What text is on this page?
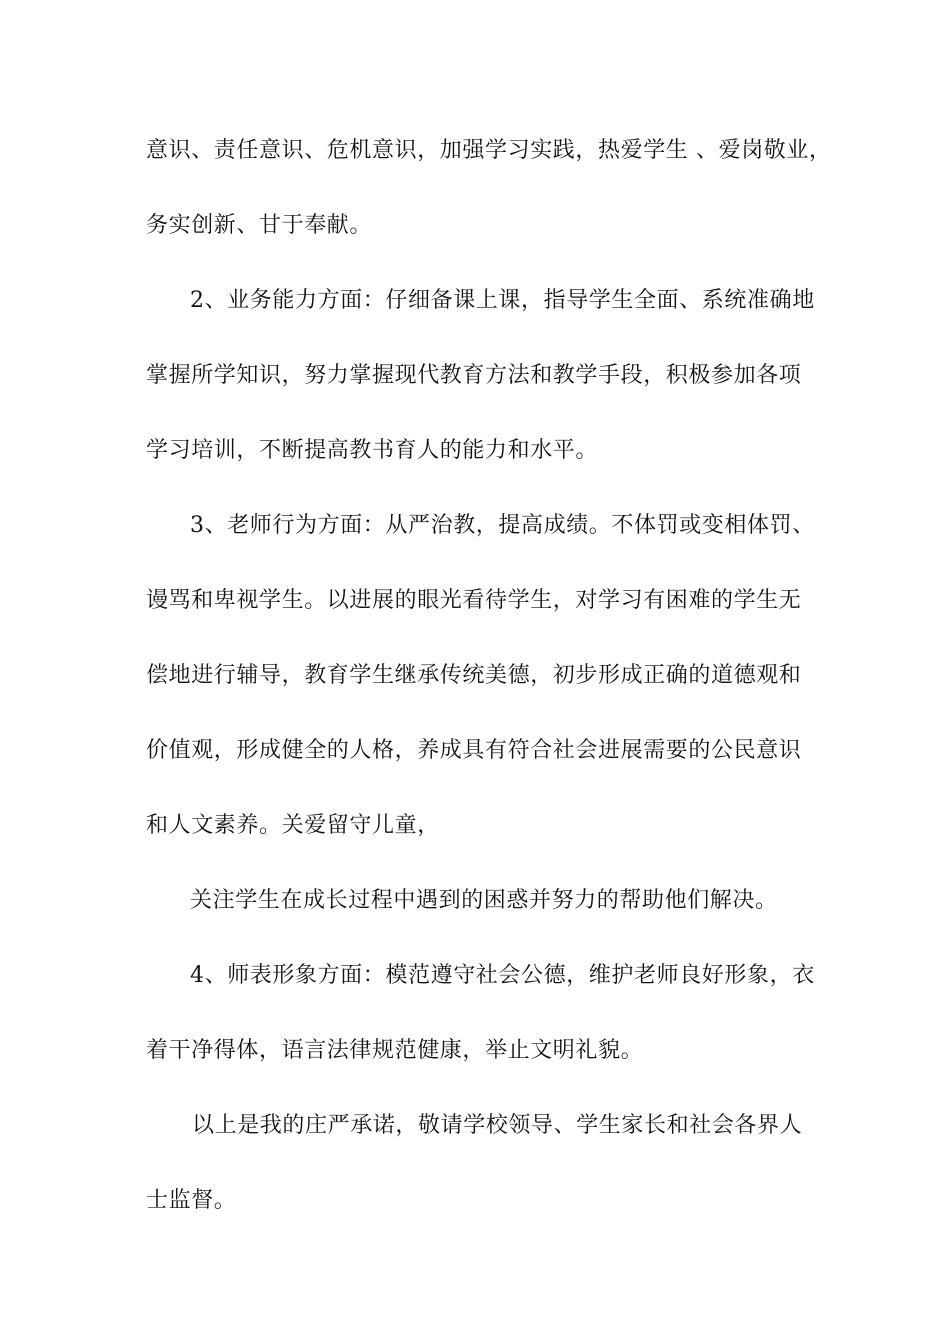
意识、责任意识、危机意识，加强学习实践，热爱学生 、爱岗敬业，
务实创新、甘于奉献。
2、业务能力方面：仔细备课上课，指导学生全面、系统准确地
掌握所学知识，努力掌握现代教育方法和教学手段，积极参加各项
学习培训，不断提高教书育人的能力和水平。
3、老师行为方面：从严治教，提高成绩。不体罚或变相体罚、
谩骂和卑视学生。以进展的眼光看待学生，对学习有困难的学生无
偿地进行辅导，教育学生继承传统美德，初步形成正确的道德观和
价值观，形成健全的人格，养成具有符合社会进展需要的公民意识
和人文素养。关爱留守儿童，
关注学生在成长过程中遇到的困惑并努力的帮助他们解决。
4、师表形象方面：模范遵守社会公德，维护老师良好形象，衣
着干净得体，语言法律规范健康，举止文明礼貌。
以上是我的庄严承诺，敬请学校领导、学生家长和社会各界人
士监督。
